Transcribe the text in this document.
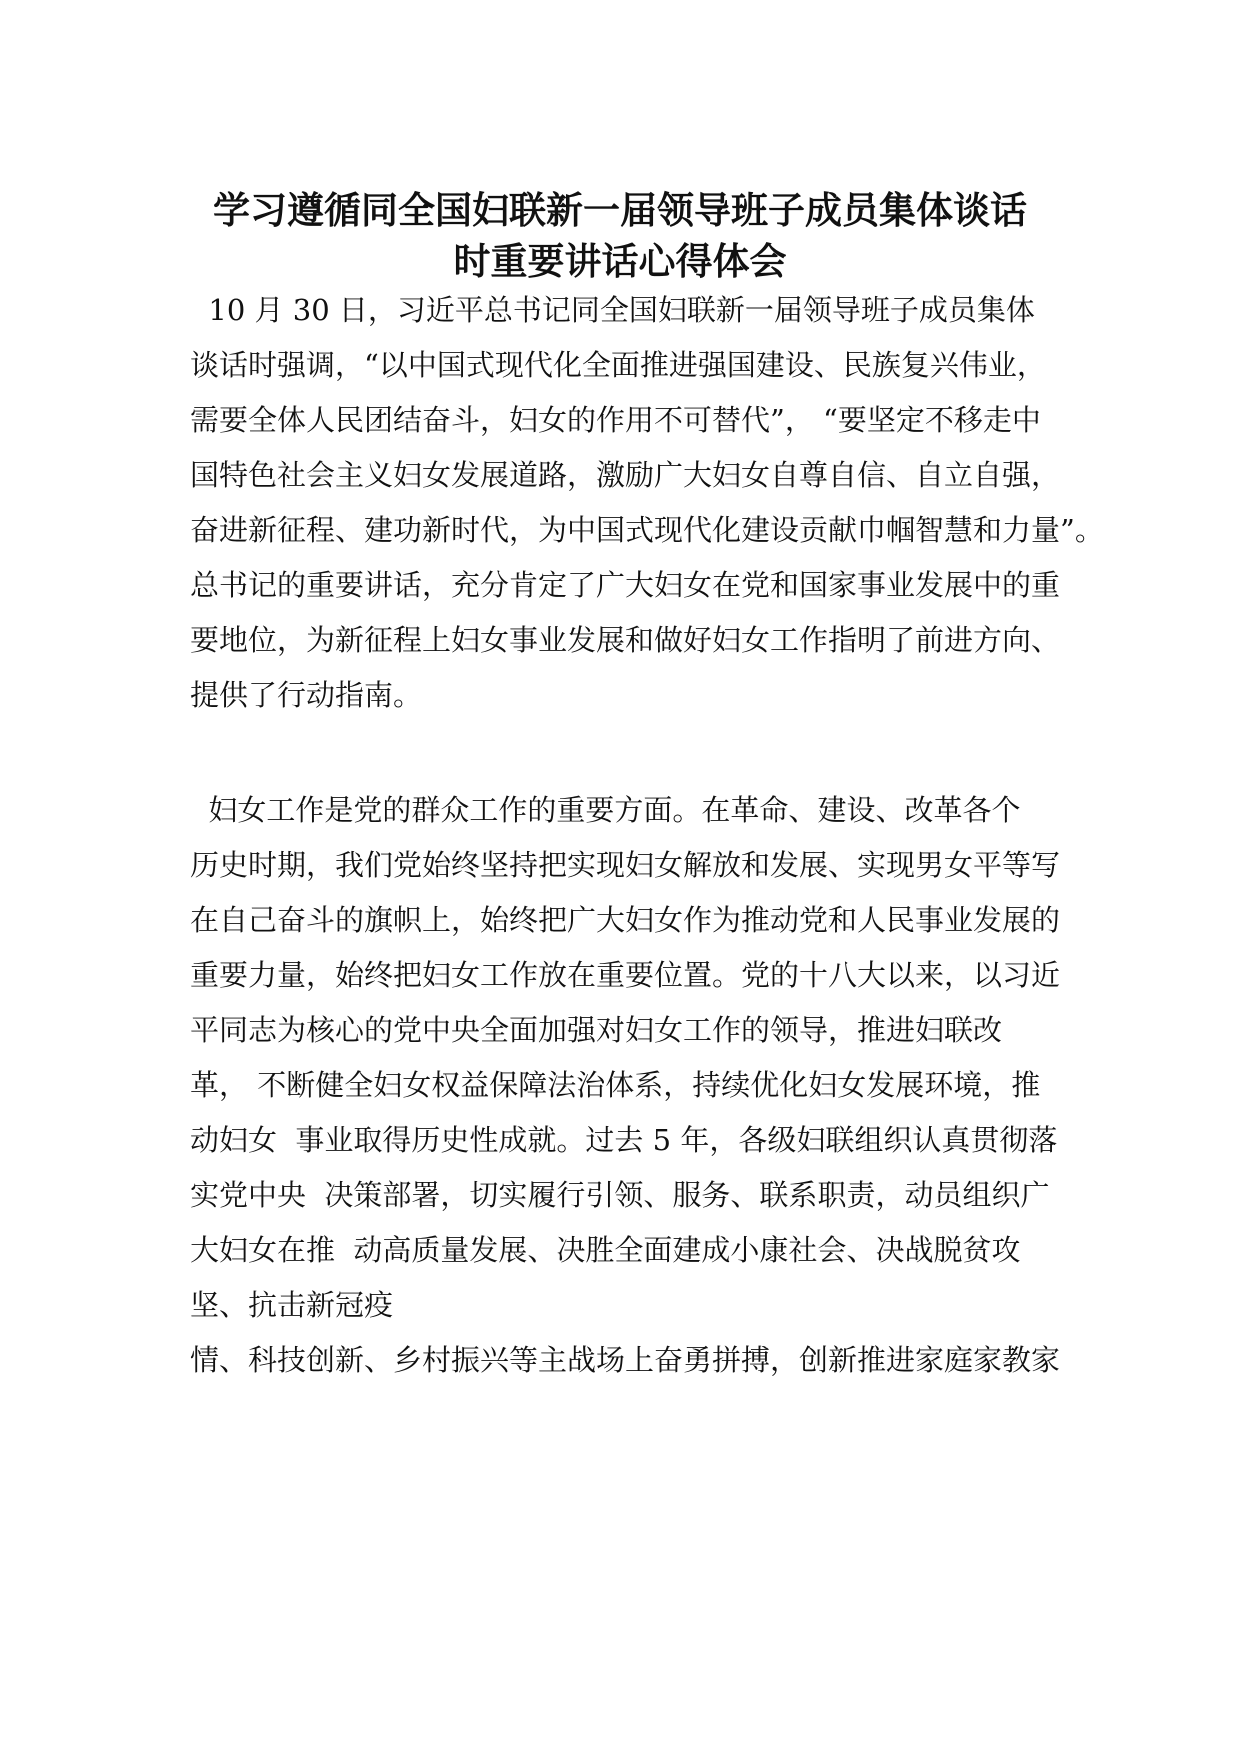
学习遵循同全国妇联新一届领导班子成员集体谈话
时重要讲话心得体会

10 月 30 日，习近平总书记同全国妇联新一届领导班子成员集体

谈话时强调，“以中国式现代化全面推进强国建设、民族复兴伟业，

需要全体人民团结奋斗，妇女的作用不可替代”， “要坚定不移走中

国特色社会主义妇女发展道路，激励广大妇女自尊自信、自立自强，

奋进新征程、建功新时代，为中国式现代化建设贡献巾帼智慧和力量”。

总书记的重要讲话，充分肯定了广大妇女在党和国家事业发展中的重

要地位，为新征程上妇女事业发展和做好妇女工作指明了前进方向、

提供了行动指南。

妇女工作是党的群众工作的重要方面。在革命、建设、改革各个

历史时期，我们党始终坚持把实现妇女解放和发展、实现男女平等写

在自己奋斗的旗帜上，始终把广大妇女作为推动党和人民事业发展的

重要力量，始终把妇女工作放在重要位置。党的十八大以来，以习近

平同志为核心的党中央全面加强对妇女工作的领导，推进妇联改

革， 不断健全妇女权益保障法治体系，持续优化妇女发展环境，推

动妇女  事业取得历史性成就。过去 5 年，各级妇联组织认真贯彻落

实党中央  决策部署，切实履行引领、服务、联系职责，动员组织广

大妇女在推  动高质量发展、决胜全面建成小康社会、决战脱贫攻

坚、抗击新冠疫

情、科技创新、乡村振兴等主战场上奋勇拼搏，创新推进家庭家教家
